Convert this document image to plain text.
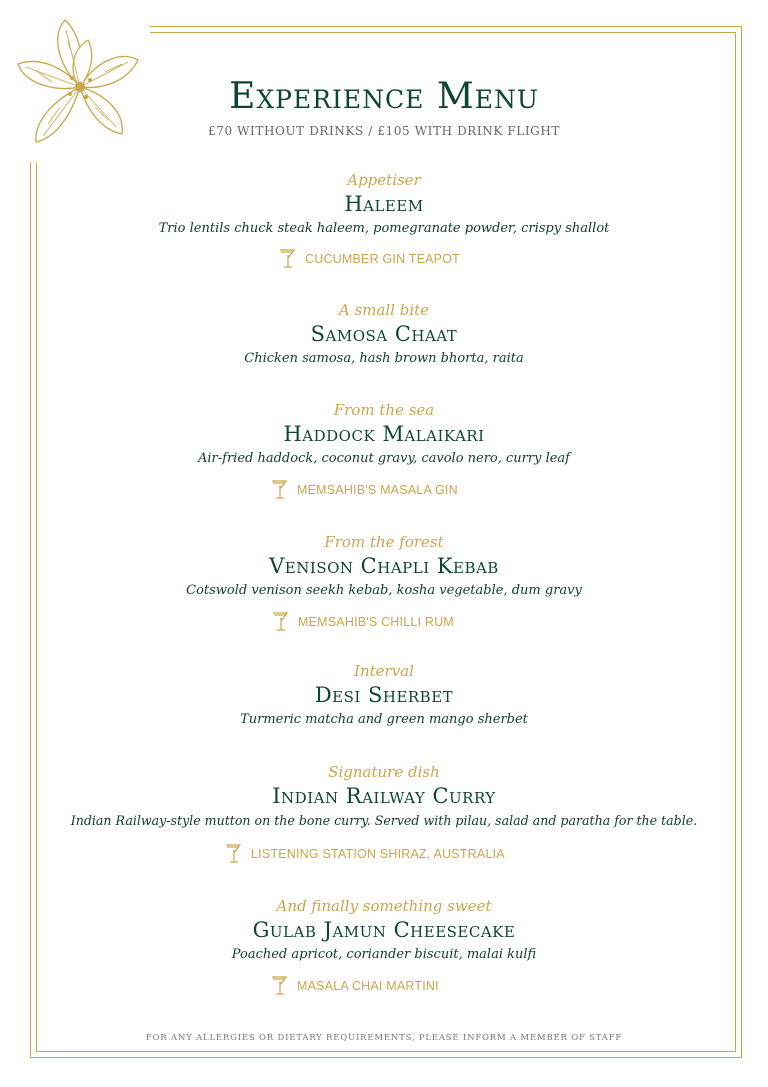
Experience Menu
£70 WITHOUT DRINKS / £105 WITH DRINK FLIGHT
Appetiser
Haleem
Trio lentils chuck steak haleem, pomegranate powder, crispy shallot
CUCUMBER GIN TEAPOT
A small bite
Samosa Chaat
Chicken samosa, hash brown bhorta, raita
From the sea
Haddock Malaikari
Air-fried haddock, coconut gravy, cavolo nero, curry leaf
MEMSAHIB'S MASALA GIN
From the forest
Venison Chapli Kebab
Cotswold venison seekh kebab, kosha vegetable, dum gravy
MEMSAHIB'S CHILLI RUM
Interval
Desi Sherbet
Turmeric matcha and green mango sherbet
Signature dish
Indian Railway Curry
Indian Railway-style mutton on the bone curry. Served with pilau, salad and paratha for the table.
LISTENING STATION SHIRAZ, AUSTRALIA
And finally something sweet
Gulab Jamun Cheesecake
Poached apricot, coriander biscuit, malai kulfi
MASALA CHAI MARTINI
FOR ANY ALLERGIES OR DIETARY REQUIREMENTS, PLEASE INFORM A MEMBER OF STAFF
